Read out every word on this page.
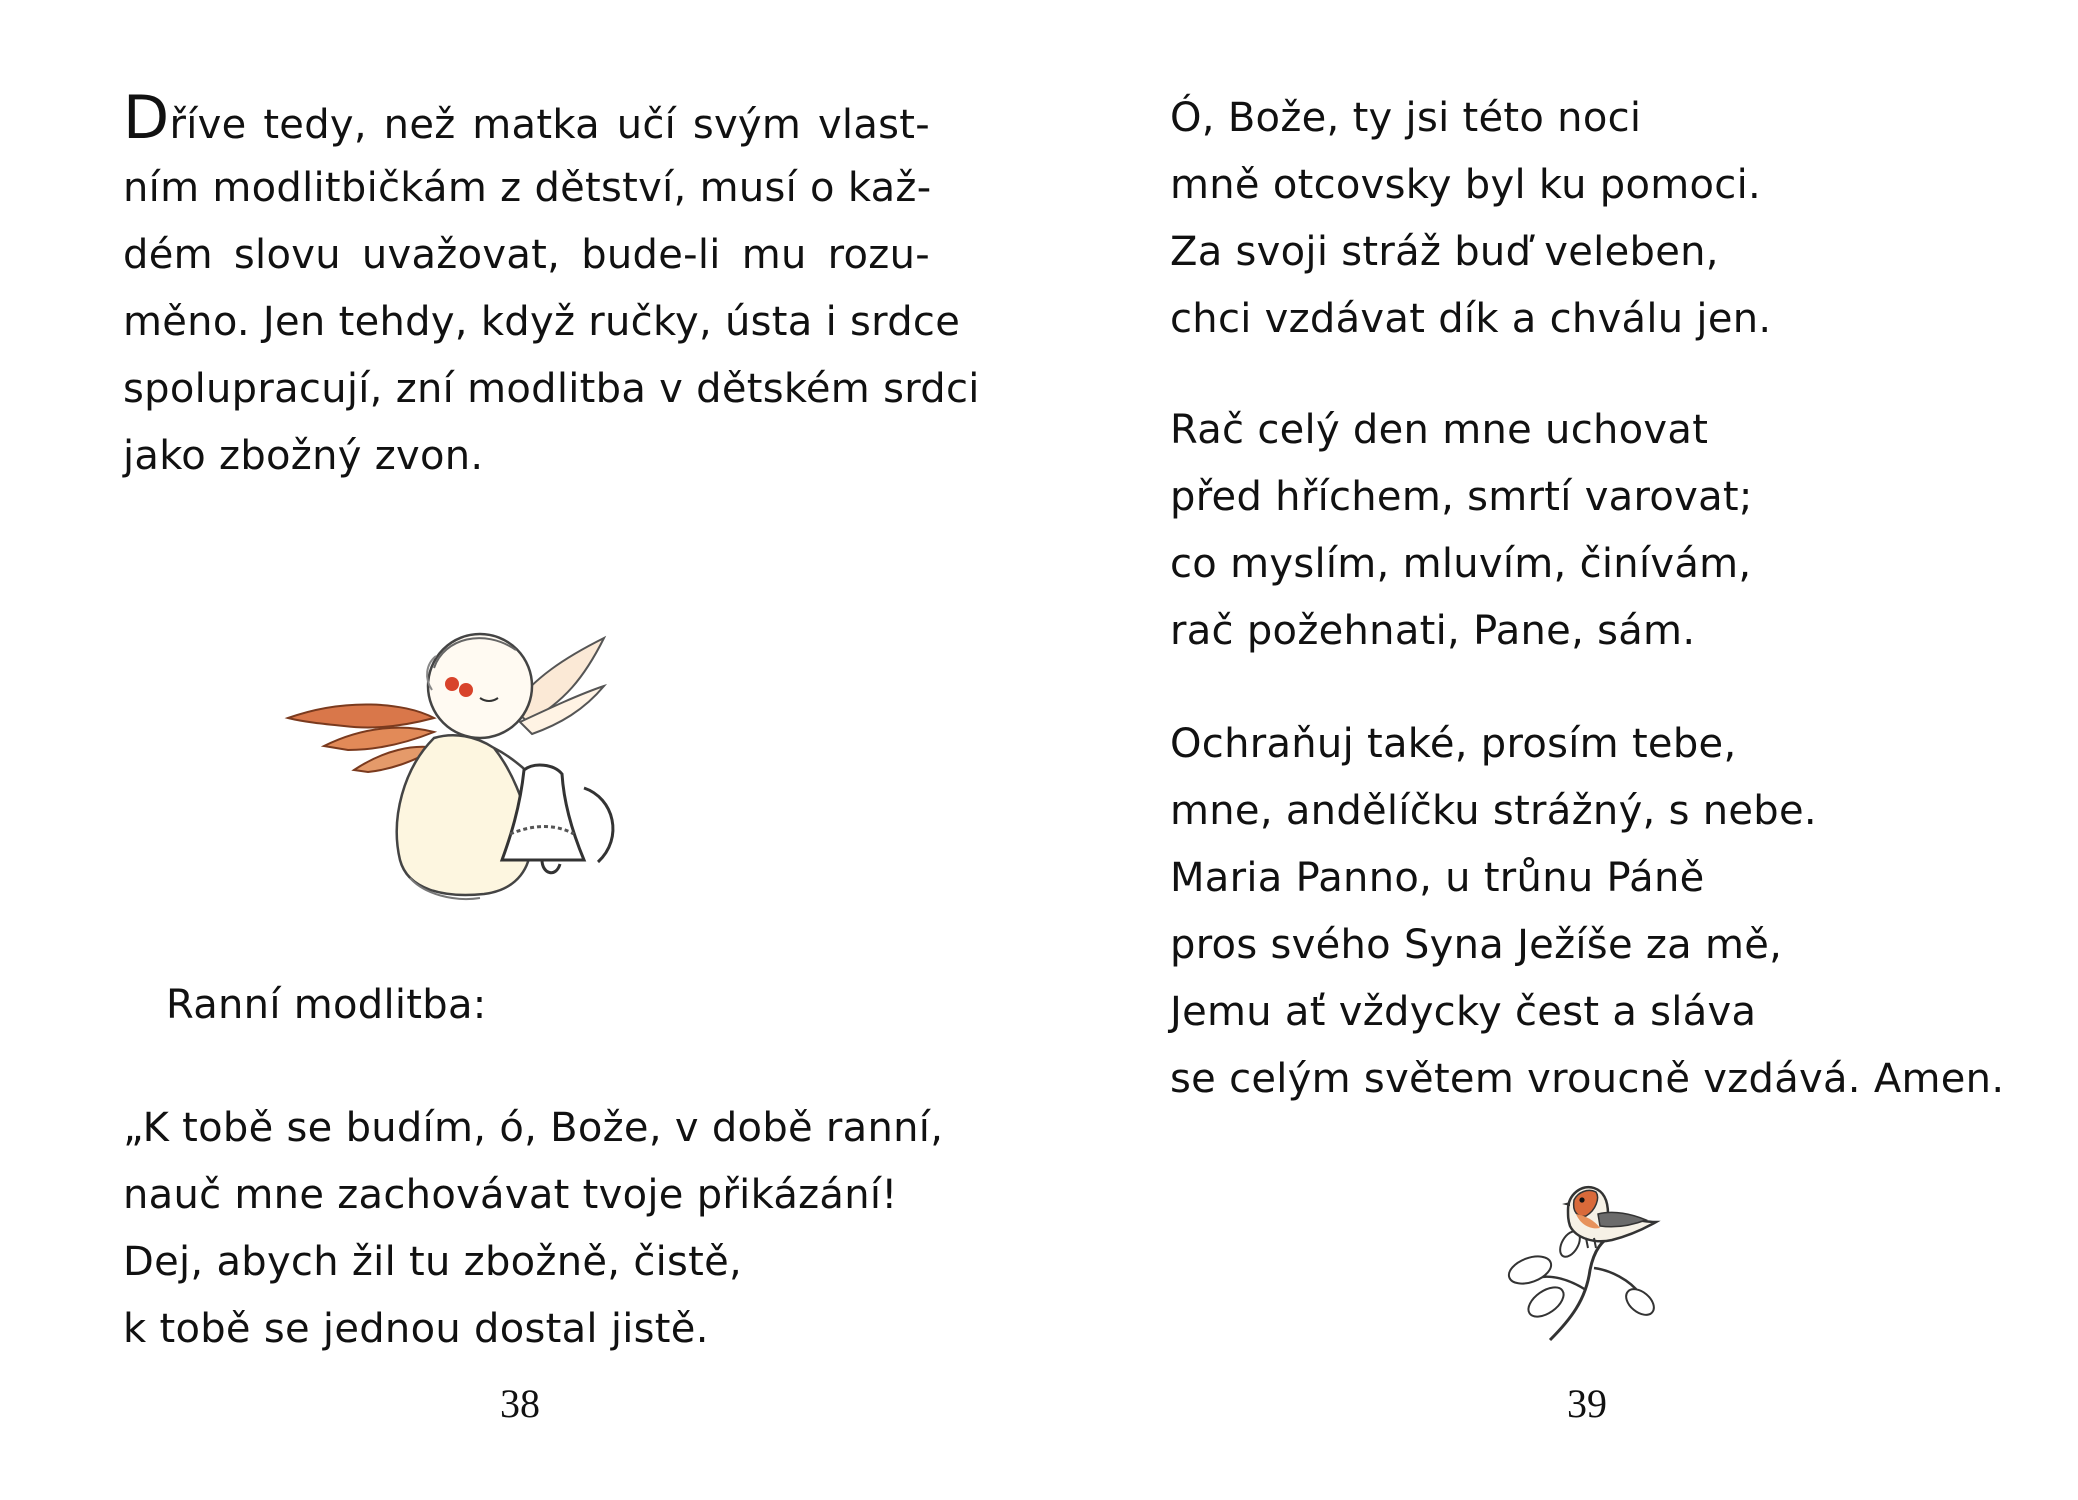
Dříve tedy, než matka učí svým vlast-
ním modlitbičkám z dětství, musí o kaž-
dém slovu uvažovat, bude-li mu rozu-
měno. Jen tehdy, když ručky, ústa i srdce
spolupracují, zní modlitba v dětském srdci
jako zbožný zvon.
Ranní modlitba:
„K tobě se budím, ó, Bože, v době ranní,
nauč mne zachovávat tvoje přikázání!
Dej, abych žil tu zbožně, čistě,
k tobě se jednou dostal jistě.
38
Ó, Bože, ty jsi této noci
mně otcovsky byl ku pomoci.
Za svoji stráž buď veleben,
chci vzdávat dík a chválu jen.
Rač celý den mne uchovat
před hříchem, smrtí varovat;
co myslím, mluvím, činívám,
rač požehnati, Pane, sám.
Ochraňuj také, prosím tebe,
mne, andělíčku strážný, s nebe.
Maria Panno, u trůnu Páně
pros svého Syna Ježíše za mě,
Jemu ať vždycky čest a sláva
se celým světem vroucně vzdává. Amen.
39
